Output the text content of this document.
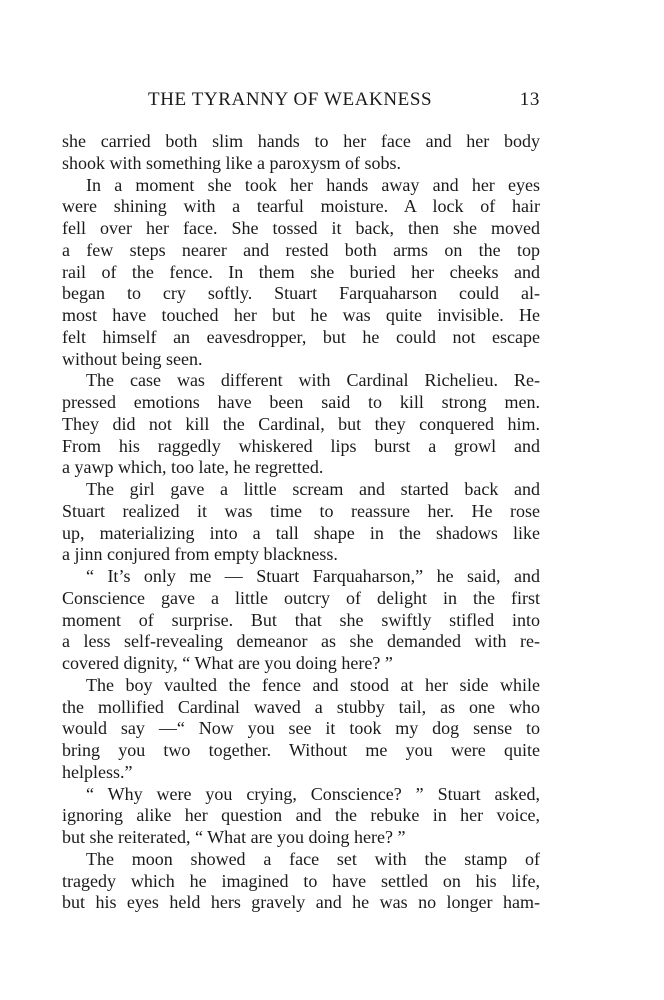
THE TYRANNY OF WEAKNESS	13
she carried both slim hands to her face and her body
shook with something like a paroxysm of sobs.
In a moment she took her hands away and her eyes
were shining with a tearful moisture. A lock of hair
fell over her face. She tossed it back, then she moved
a few steps nearer and rested both arms on the top
rail of the fence. In them she buried her cheeks and
began to cry softly. Stuart Farquaharson could al-
most have touched her but he was quite invisible. He
felt himself an eavesdropper, but he could not escape
without being seen.
The case was different with Cardinal Richelieu. Re-
pressed emotions have been said to kill strong men.
They did not kill the Cardinal, but they conquered him.
From his raggedly whiskered lips burst a growl and
a yawp which, too late, he regretted.
The girl gave a little scream and started back and
Stuart realized it was time to reassure her. He rose
up, materializing into a tall shape in the shadows like
a jinn conjured from empty blackness.
“ It’s only me — Stuart Farquaharson,” he said, and
Conscience gave a little outcry of delight in the first
moment of surprise. But that she swiftly stifled into
a less self-revealing demeanor as she demanded with re-
covered dignity, “ What are you doing here? ”
The boy vaulted the fence and stood at her side while
the mollified Cardinal waved a stubby tail, as one who
would say —“ Now you see it took my dog sense to
bring you two together. Without me you were quite
helpless.”
“ Why were you crying, Conscience? ” Stuart asked,
ignoring alike her question and the rebuke in her voice,
but she reiterated, “ What are you doing here? ”
The moon showed a face set with the stamp of
tragedy which he imagined to have settled on his life,
but his eyes held hers gravely and he was no longer ham-
